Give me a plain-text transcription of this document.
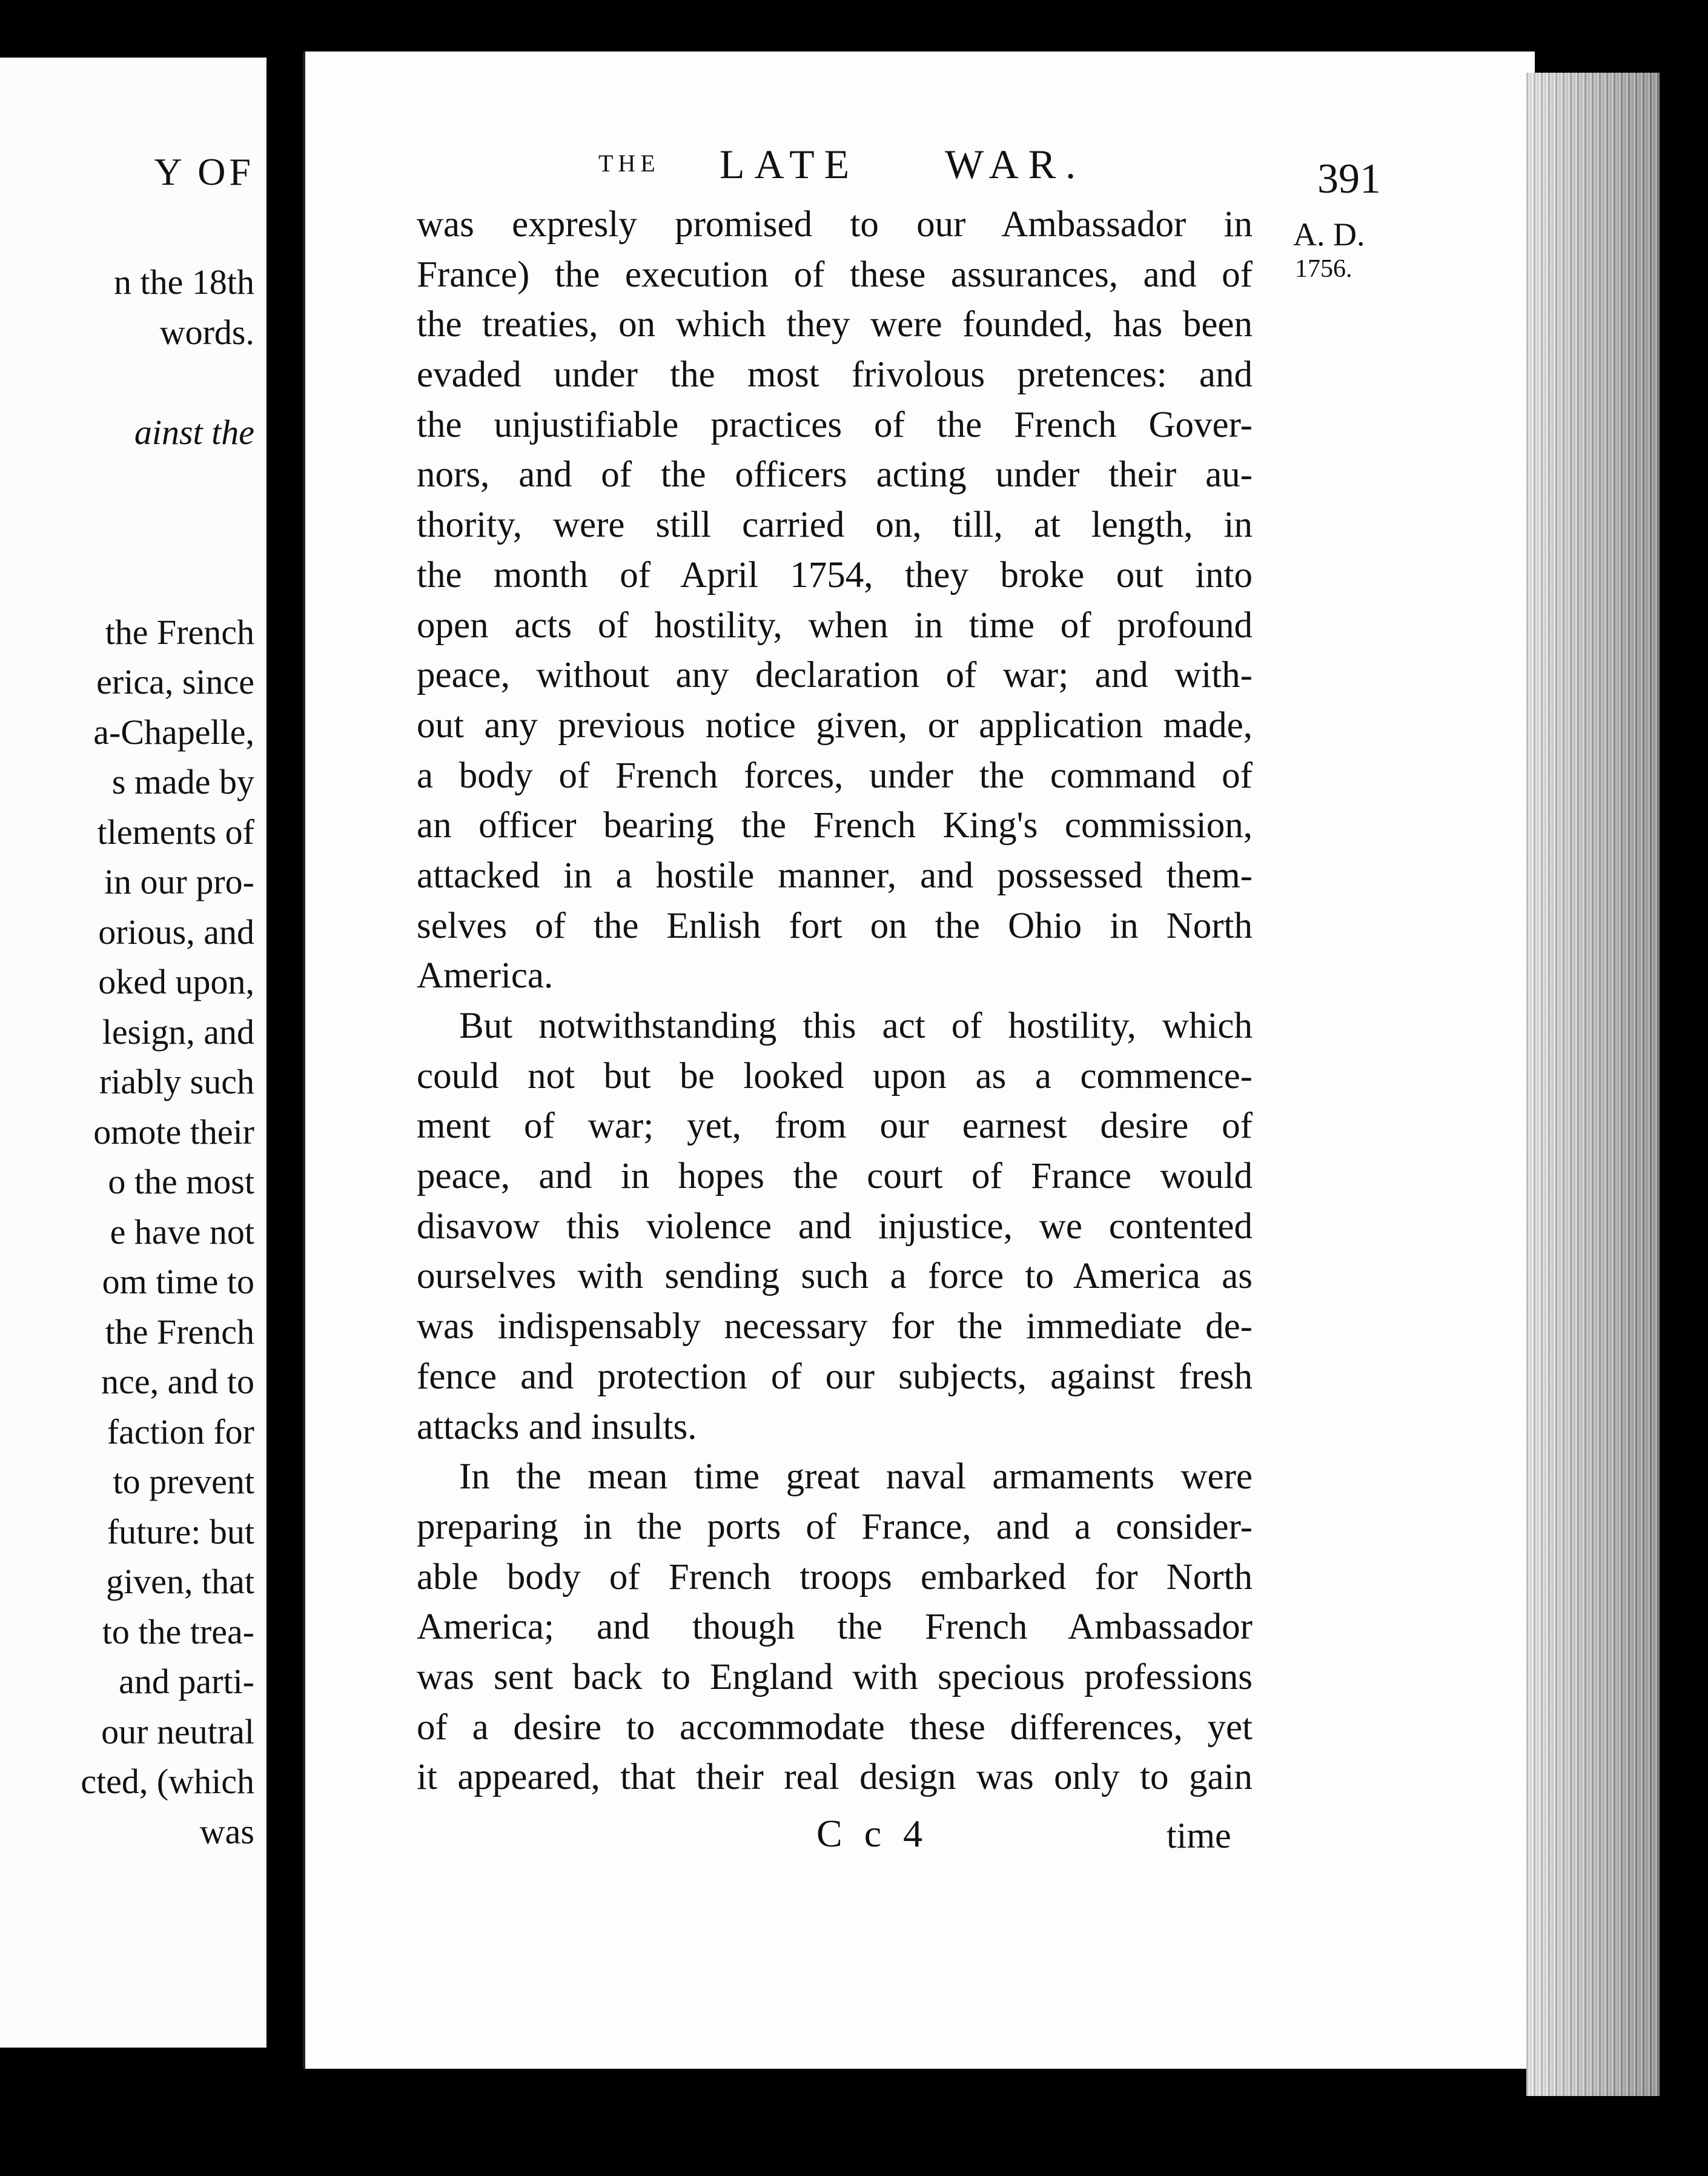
Y OF
n the 18th
words.
ainst the
the French
erica, since
a-Chapelle,
s made by
tlements of
in our pro-
orious, and
oked upon,
lesign, and
riably such
omote their
o the most
e have not
om time to
the French
nce, and to
faction for
to prevent
future: but
given, that
to the trea-
and parti-
our neutral
cted, (which
was
THE LATE WAR.	391
A. D.
1756.
was expresly promised to our Ambassador in
France) the execution of these assurances, and of
the treaties, on which they were founded, has been
evaded under the most frivolous pretences: and
the unjustifiable practices of the French Gover-
nors, and of the officers acting under their au-
thority, were still carried on, till, at length, in
the month of April 1754, they broke out into
open acts of hostility, when in time of profound
peace, without any declaration of war; and with-
out any previous notice given, or application made,
a body of French forces, under the command of
an officer bearing the French King's commission,
attacked in a hostile manner, and possessed them-
selves of the Enlish fort on the Ohio in North
America.
But notwithstanding this act of hostility, which
could not but be looked upon as a commence-
ment of war; yet, from our earnest desire of
peace, and in hopes the court of France would
disavow this violence and injustice, we contented
ourselves with sending such a force to America as
was indispensably necessary for the immediate de-
fence and protection of our subjects, against fresh
attacks and insults.
In the mean time great naval armaments were
preparing in the ports of France, and a consider-
able body of French troops embarked for North
America; and though the French Ambassador
was sent back to England with specious professions
of a desire to accommodate these differences, yet
it appeared, that their real design was only to gain
C c 4	time
